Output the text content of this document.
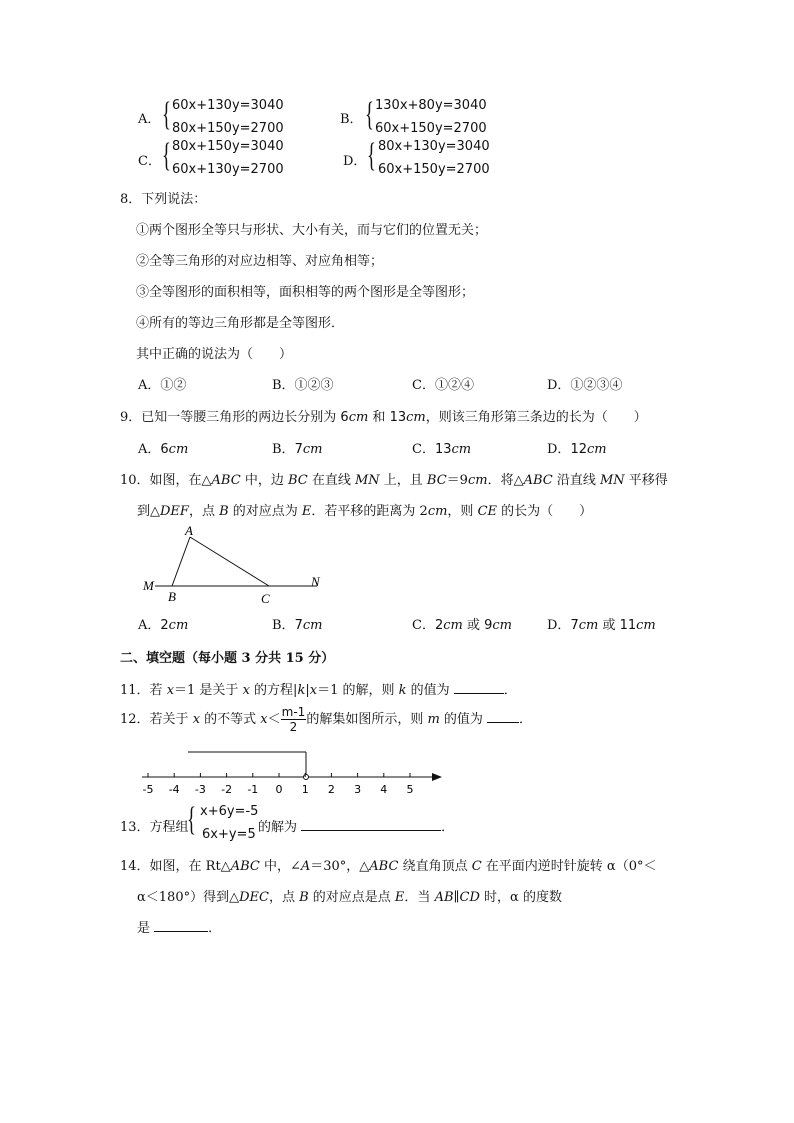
A． { 60x+130y=3040
80x+150y=2700
B． { 130x+80y=3040
60x+150y=2700
C． { 80x+150y=3040
60x+130y=2700
D． { 80x+130y=3040
60x+150y=2700
8．下列说法：
①两个图形全等只与形状、大小有关，而与它们的位置无关；
②全等三角形的对应边相等、对应角相等；
③全等图形的面积相等，面积相等的两个图形是全等图形；
④所有的等边三角形都是全等图形．
其中正确的说法为（　　）
A．①②	B．①②③	C．①②④	D．①②③④
9．已知一等腰三角形的两边长分别为 6cm 和 13cm，则该三角形第三条边的长为（　　）
A．6cm	B．7cm	C．13cm	D．12cm
10．如图，在△ABC 中，边 BC 在直线 MN 上，且 BC＝9cm．将△ABC 沿直线 MN 平移得
到△DEF，点 B 的对应点为 E．若平移的距离为 2cm，则 CE 的长为（　　）
A
B	C
M	N
A．2cm	B．7cm	C．2cm 或 9cm	D．7cm 或 11cm
二、填空题（每小题 3 分共 15 分）
11．若 x＝1 是关于 x 的方程|k|x＝1 的解，则 k 的值为	．
12．若关于 x 的不等式 $x< \frac{m-1}{2}$ 的解集如图所示，则 m 的值为 ．
-5 -4 -3 -2 -1 0 1 2 3 4 5
13．方程组
{ x+6y=-5
6x+y=5 的解为	．
14．如图，在 Rt△ABC 中，∠A＝30°，△ABC 绕直角顶点 C 在平面内逆时针旋转 α（0°＜
α＜180°）得到△DEC，点 B 的对应点是点 E．当 AB∥CD 时，α 的度数
是	．
